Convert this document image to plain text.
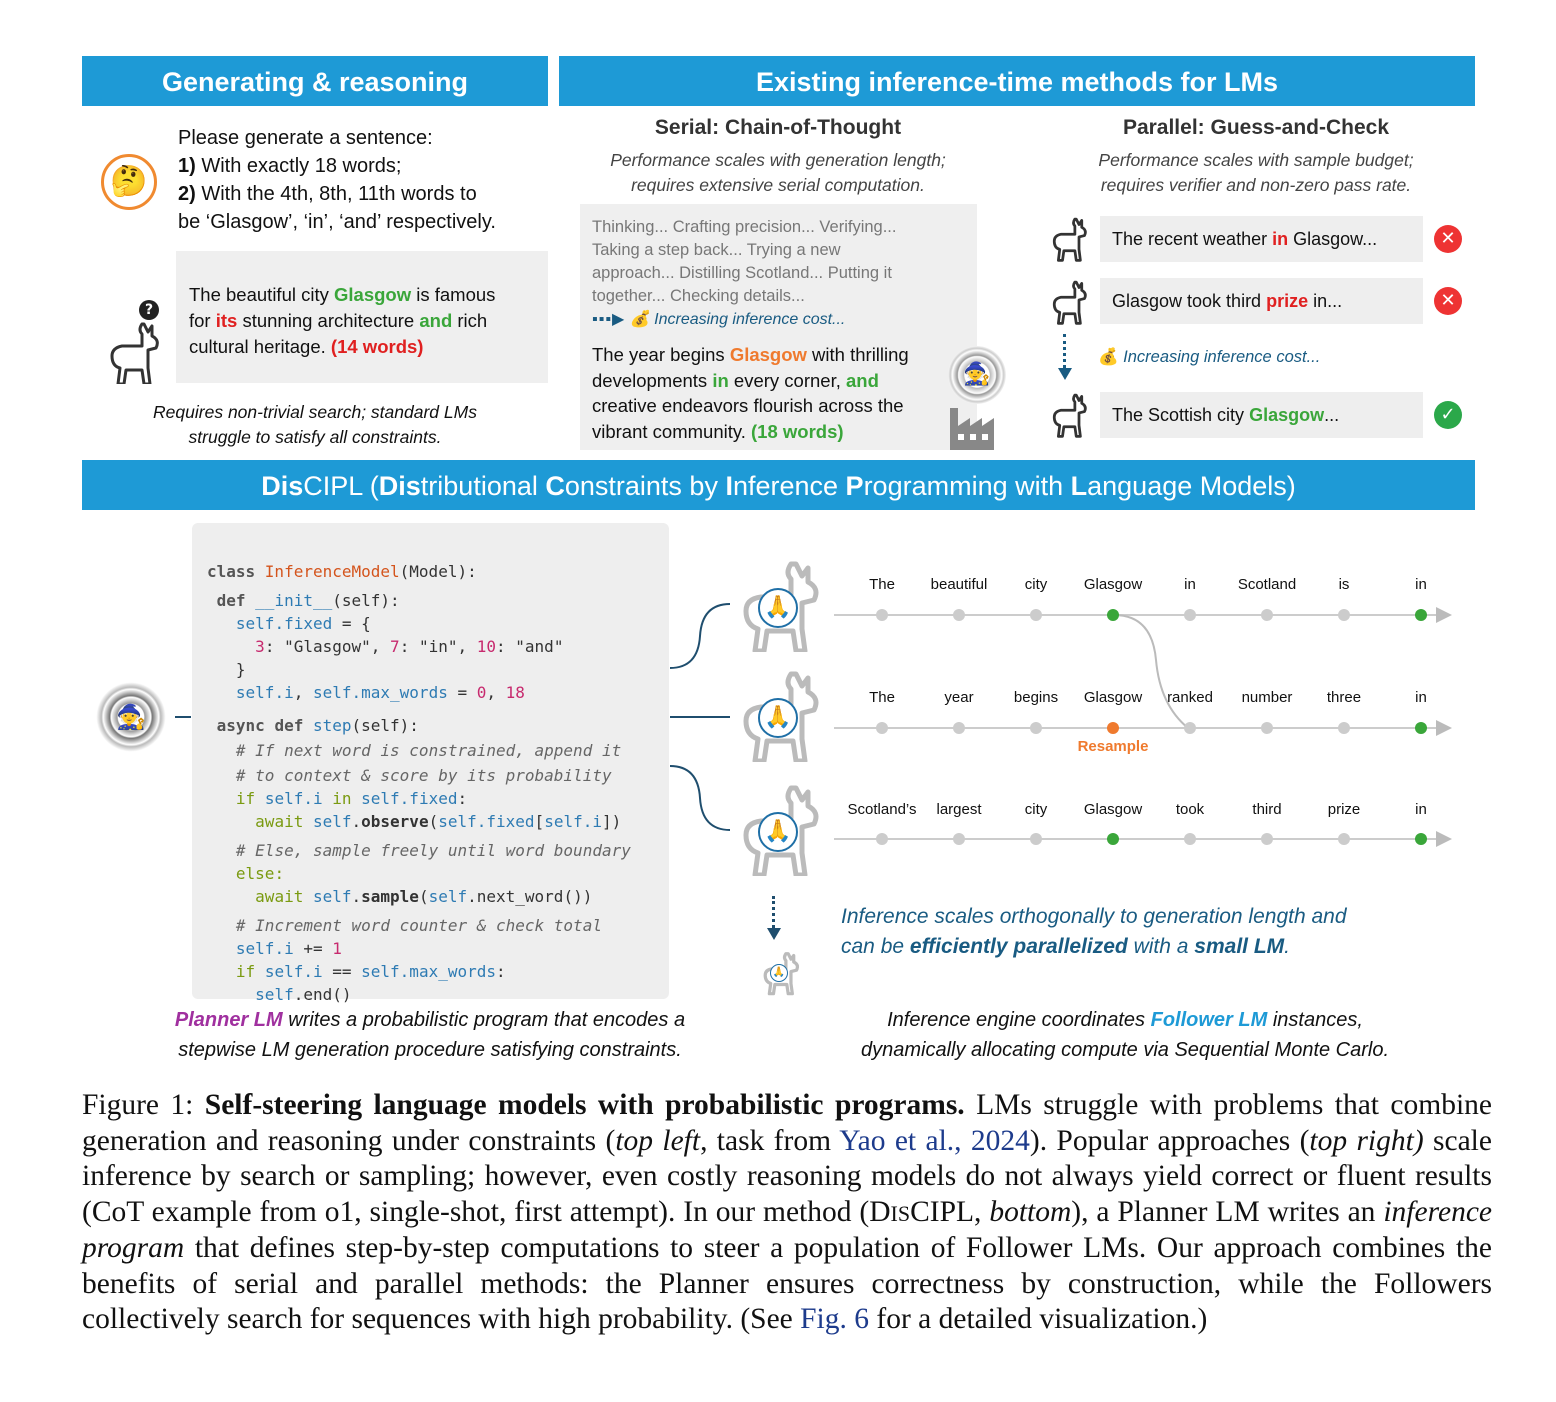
Generating & reasoning
🤔
Please generate a sentence:
1) With exactly 18 words;
2) With the 4th, 8th, 11th words to
be ‘Glasgow’, ‘in’, ‘and’ respectively.
The beautiful city Glasgow is famous
for its stunning architecture and rich
cultural heritage. (14 words)
?
Requires non-trivial search; standard LMs
struggle to satisfy all constraints.
Existing inference-time methods for LMs
Serial: Chain-of-Thought
Performance scales with generation length;
requires extensive serial computation.
Thinking... Crafting precision... Verifying...
Taking a step back... Trying a new
approach... Distilling Scotland... Putting it
together... Checking details...
▪▪▪▶ 💰 Increasing inference cost...
The year begins Glasgow with thrilling
developments in every corner, and
creative endeavors flourish across the
vibrant community. (18 words)
🧙
Parallel: Guess-and-Check
Performance scales with sample budget;
requires verifier and non-zero pass rate.
The recent weather in Glasgow...	✕
Glasgow took third prize in...	✕
💰 Increasing inference cost...
The Scottish city Glasgow...	✓
DisCIPL (Distributional Constraints by Inference Programming with Language Models)
🧙

class InferenceModel(Model):
def __init__(self):
self.fixed = {
3: "Glasgow", 7: "in", 10: "and"
}
self.i, self.max_words = 0, 18
async def step(self):
# If next word is constrained, append it
# to context & score by its probability
if self.i in self.fixed:
await self.observe(self.fixed[self.i])
# Else, sample freely until word boundary
else:
await self.sample(self.next_word())
# Increment word counter & check total
self.i += 1
if self.i == self.max_words:
self.end()

🙏
🙏
🙏
🙏
The	beautiful	city	Glasgow	in	Scotland	is	in
The	year	begins	Glasgow	ranked	number	three	in
Resample
Scotland’s	largest	city	Glasgow	took	third	prize	in
Inference scales orthogonally to generation length and
can be efficiently parallelized with a small LM.
Planner LM writes a probabilistic program that encodes a
stepwise LM generation procedure satisfying constraints.
Inference engine coordinates Follower LM instances,
dynamically allocating compute via Sequential Monte Carlo.
Figure 1: Self-steering language models with probabilistic programs. LMs struggle with problems that combine generation and reasoning under constraints (top left, task from Yao et al., 2024). Popular approaches (top right) scale inference by search or sampling; however, even costly reasoning models do not always yield correct or fluent results (CoT example from o1, single-shot, first attempt). In our method (DISCIPL, bottom), a Planner LM writes an inference program that defines step-by-step computations to steer a population of Follower LMs. Our approach combines the benefits of serial and parallel methods: the Planner ensures correctness by construction, while the Followers collectively search for sequences with high probability. (See Fig. 6 for a detailed visualization.)
